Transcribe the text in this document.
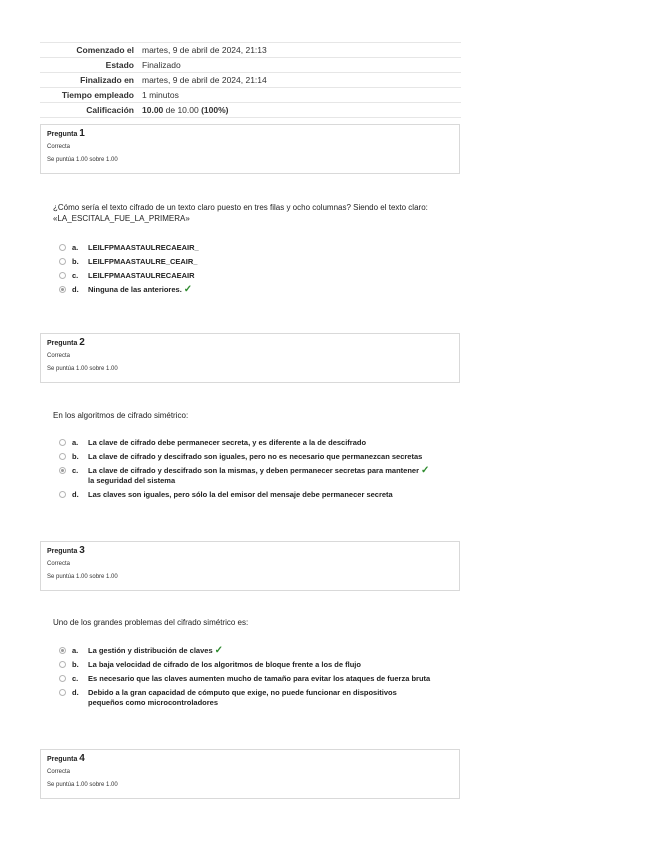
Comenzado el	martes, 9 de abril de 2024, 21:13
Estado	Finalizado
Finalizado en	martes, 9 de abril de 2024, 21:14
Tiempo empleado	1 minutos
Calificación	10.00 de 10.00 (100%)
Pregunta 1
Correcta
Se puntúa 1.00 sobre 1.00
¿Cómo sería el texto cifrado de un texto claro puesto en tres filas y ocho columnas? Siendo el texto claro:
«LA_ESCITALA_FUE_LA_PRIMERA»
a.	LEILFPMAASTAULRECAEAIR_
b.	LEILFPMAASTAULRE_CEAIR_
c.	LEILFPMAASTAULRECAEAIR
d.	Ninguna de las anteriores. ✓
Pregunta 2
Correcta
Se puntúa 1.00 sobre 1.00
En los algoritmos de cifrado simétrico:
a.	La clave de cifrado debe permanecer secreta, y es diferente a la de descifrado
b.	La clave de cifrado y descifrado son iguales, pero no es necesario que permanezcan secretas
c.	La clave de cifrado y descifrado son la mismas, y deben permanecer secretas para mantener
la seguridad del sistema
✓
d.	Las claves son iguales, pero sólo la del emisor del mensaje debe permanecer secreta
Pregunta 3
Correcta
Se puntúa 1.00 sobre 1.00
Uno de los grandes problemas del cifrado simétrico es:
a.	La gestión y distribución de claves ✓
b.	La baja velocidad de cifrado de los algoritmos de bloque frente a los de flujo
c.	Es necesario que las claves aumenten mucho de tamaño para evitar los ataques de fuerza bruta
d.	Debido a la gran capacidad de cómputo que exige, no puede funcionar en dispositivos
pequeños como microcontroladores
Pregunta 4
Correcta
Se puntúa 1.00 sobre 1.00
